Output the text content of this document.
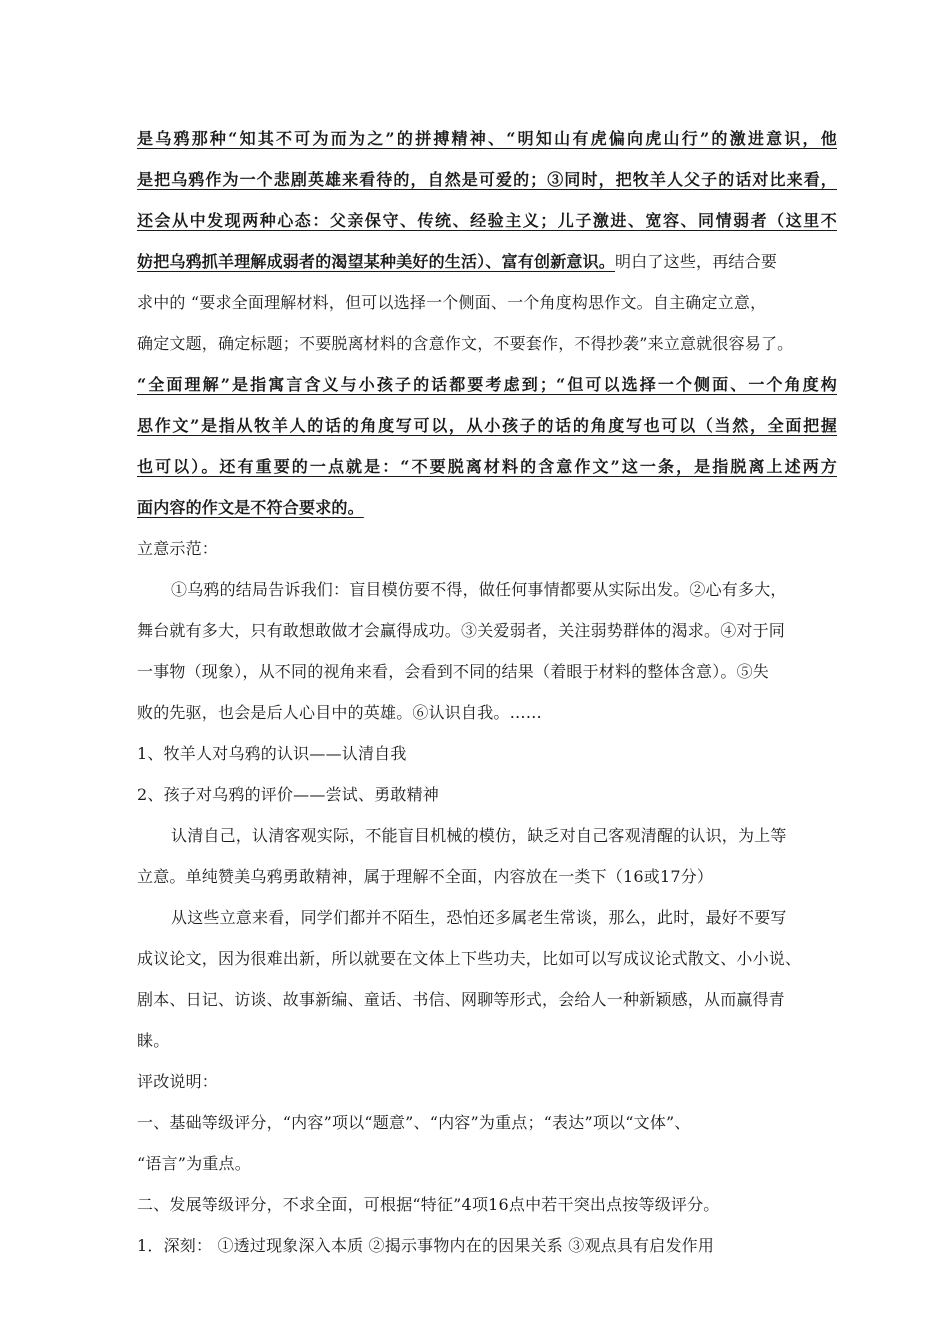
是乌鸦那种“知其不可为而为之”的拼搏精神、“明知山有虎偏向虎山行”的激进意识，他
是把乌鸦作为一个悲剧英雄来看待的，自然是可爱的；③同时，把牧羊人父子的话对比来看，
还会从中发现两种心态：父亲保守、传统、经验主义；儿子激进、宽容、同情弱者（这里不
妨把乌鸦抓羊理解成弱者的渴望某种美好的生活）、富有创新意识。明白了这些，再结合要
求中的 “要求全面理解材料，但可以选择一个侧面、一个角度构思作文。自主确定立意，
确定文题，确定标题；不要脱离材料的含意作文，不要套作，不得抄袭”来立意就很容易了。
“全面理解”是指寓言含义与小孩子的话都要考虑到；“但可以选择一个侧面、一个角度构
思作文”是指从牧羊人的话的角度写可以，从小孩子的话的角度写也可以（当然，全面把握
也可以）。还有重要的一点就是：“不要脱离材料的含意作文”这一条，是指脱离上述两方
面内容的作文是不符合要求的。
立意示范：
①乌鸦的结局告诉我们：盲目模仿要不得，做任何事情都要从实际出发。②心有多大，
舞台就有多大，只有敢想敢做才会赢得成功。③关爱弱者，关注弱势群体的渴求。④对于同
一事物（现象），从不同的视角来看，会看到不同的结果（着眼于材料的整体含意）。⑤失
败的先驱，也会是后人心目中的英雄。⑥认识自我。……
1、牧羊人对乌鸦的认识——认清自我
2、孩子对乌鸦的评价——尝试、勇敢精神
认清自己，认清客观实际，不能盲目机械的模仿，缺乏对自己客观清醒的认识，为上等
立意。单纯赞美乌鸦勇敢精神，属于理解不全面，内容放在一类下（16或17分）
从这些立意来看，同学们都并不陌生，恐怕还多属老生常谈，那么，此时，最好不要写
成议论文，因为很难出新，所以就要在文体上下些功夫，比如可以写成议论式散文、小小说、
剧本、日记、访谈、故事新编、童话、书信、网聊等形式，会给人一种新颖感，从而赢得青
睐。
评改说明：
一、基础等级评分，“内容”项以“题意”、“内容”为重点；“表达”项以“文体”、
“语言”为重点。
二、发展等级评分，不求全面，可根据“特征”4项16点中若干突出点按等级评分。
1．深刻： ①透过现象深入本质 ②揭示事物内在的因果关系 ③观点具有启发作用
